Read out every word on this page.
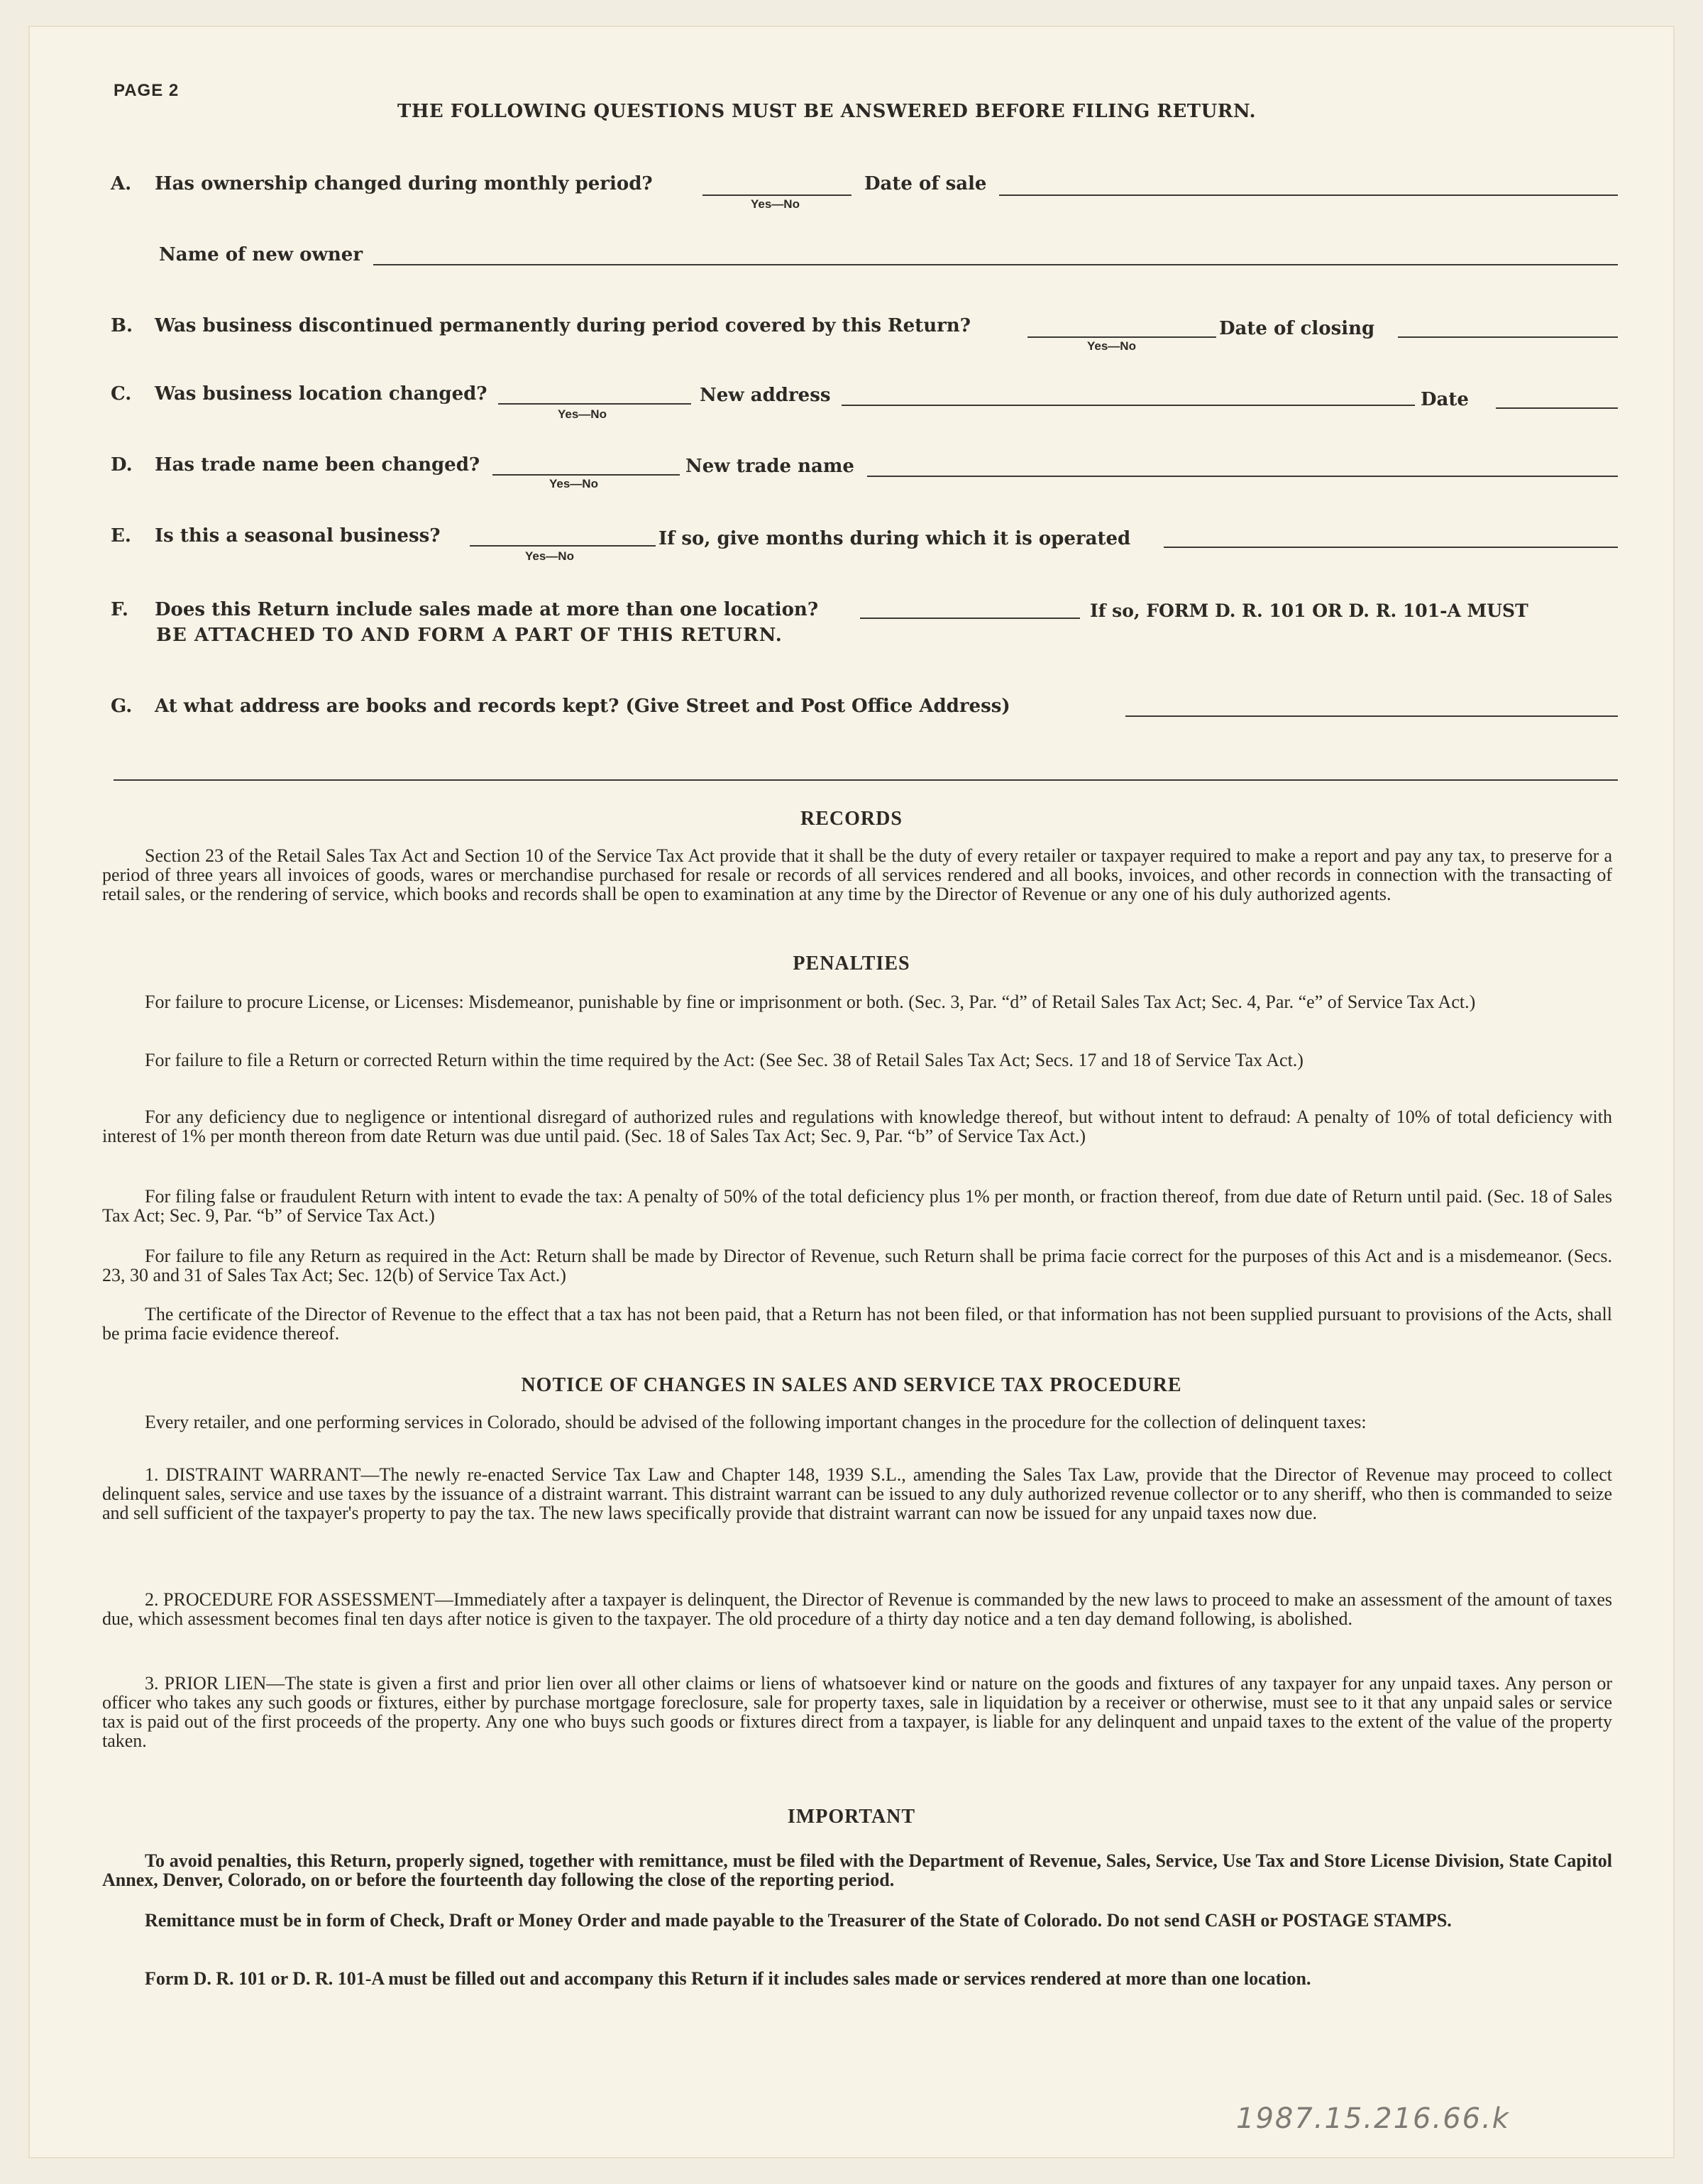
PAGE 2
THE FOLLOWING QUESTIONS MUST BE ANSWERED BEFORE FILING RETURN.
A. Has ownership changed during monthly period?
Yes—No
Date of sale
Name of new owner
B. Was business discontinued permanently during period covered by this Return?
Yes—No
Date of closing
C. Was business location changed?
Yes—No
New address	Date
D. Has trade name been changed?
Yes—No
New trade name
E. Is this a seasonal business?
Yes—No
If so, give months during which it is operated
F. Does this Return include sales made at more than one location?	If so, FORM D. R. 101 OR D. R. 101-A MUST
BE ATTACHED TO AND FORM A PART OF THIS RETURN.
G. At what address are books and records kept? (Give Street and Post Office Address)
RECORDS
Section 23 of the Retail Sales Tax Act and Section 10 of the Service Tax Act provide that it shall be the duty of every retailer or taxpayer required to make a report and pay any tax, to preserve for a period of three years all invoices of goods, wares or merchandise purchased for resale or records of all services rendered and all books, invoices, and other records in connection with the transacting of retail sales, or the rendering of service, which books and records shall be open to examination at any time by the Director of Revenue or any one of his duly authorized agents.
PENALTIES
For failure to procure License, or Licenses: Misdemeanor, punishable by fine or imprisonment or both. (Sec. 3, Par. “d” of Retail Sales Tax Act; Sec. 4, Par. “e” of Service Tax Act.)
For failure to file a Return or corrected Return within the time required by the Act: (See Sec. 38 of Retail Sales Tax Act; Secs. 17 and 18 of Service Tax Act.)
For any deficiency due to negligence or intentional disregard of authorized rules and regulations with knowledge thereof, but without intent to defraud: A penalty of 10% of total deficiency with interest of 1% per month thereon from date Return was due until paid. (Sec. 18 of Sales Tax Act; Sec. 9, Par. “b” of Service Tax Act.)
For filing false or fraudulent Return with intent to evade the tax: A penalty of 50% of the total deficiency plus 1% per month, or fraction thereof, from due date of Return until paid. (Sec. 18 of Sales Tax Act; Sec. 9, Par. “b” of Service Tax Act.)
For failure to file any Return as required in the Act: Return shall be made by Director of Revenue, such Return shall be prima facie correct for the purposes of this Act and is a misdemeanor. (Secs. 23, 30 and 31 of Sales Tax Act; Sec. 12(b) of Service Tax Act.)
The certificate of the Director of Revenue to the effect that a tax has not been paid, that a Return has not been filed, or that information has not been supplied pursuant to provisions of the Acts, shall be prima facie evidence thereof.
NOTICE OF CHANGES IN SALES AND SERVICE TAX PROCEDURE
Every retailer, and one performing services in Colorado, should be advised of the following important changes in the procedure for the collection of delinquent taxes:
1. DISTRAINT WARRANT—The newly re-enacted Service Tax Law and Chapter 148, 1939 S.L., amending the Sales Tax Law, provide that the Director of Revenue may proceed to collect delinquent sales, service and use taxes by the issuance of a distraint warrant. This distraint warrant can be issued to any duly authorized revenue collector or to any sheriff, who then is commanded to seize and sell sufficient of the taxpayer's property to pay the tax. The new laws specifically provide that distraint warrant can now be issued for any unpaid taxes now due.
2. PROCEDURE FOR ASSESSMENT—Immediately after a taxpayer is delinquent, the Director of Revenue is commanded by the new laws to proceed to make an assessment of the amount of taxes due, which assessment becomes final ten days after notice is given to the taxpayer. The old procedure of a thirty day notice and a ten day demand following, is abolished.
3. PRIOR LIEN—The state is given a first and prior lien over all other claims or liens of whatsoever kind or nature on the goods and fixtures of any taxpayer for any unpaid taxes. Any person or officer who takes any such goods or fixtures, either by purchase mortgage foreclosure, sale for property taxes, sale in liquidation by a receiver or otherwise, must see to it that any unpaid sales or service tax is paid out of the first proceeds of the property. Any one who buys such goods or fixtures direct from a taxpayer, is liable for any delinquent and unpaid taxes to the extent of the value of the property taken.
IMPORTANT
To avoid penalties, this Return, properly signed, together with remittance, must be filed with the Department of Revenue, Sales, Service, Use Tax and Store License Division, State Capitol Annex, Denver, Colorado, on or before the fourteenth day following the close of the reporting period.
Remittance must be in form of Check, Draft or Money Order and made payable to the Treasurer of the State of Colorado. Do not send CASH or POSTAGE STAMPS.
Form D. R. 101 or D. R. 101-A must be filled out and accompany this Return if it includes sales made or services rendered at more than one location.
1987.15.216.66.k
